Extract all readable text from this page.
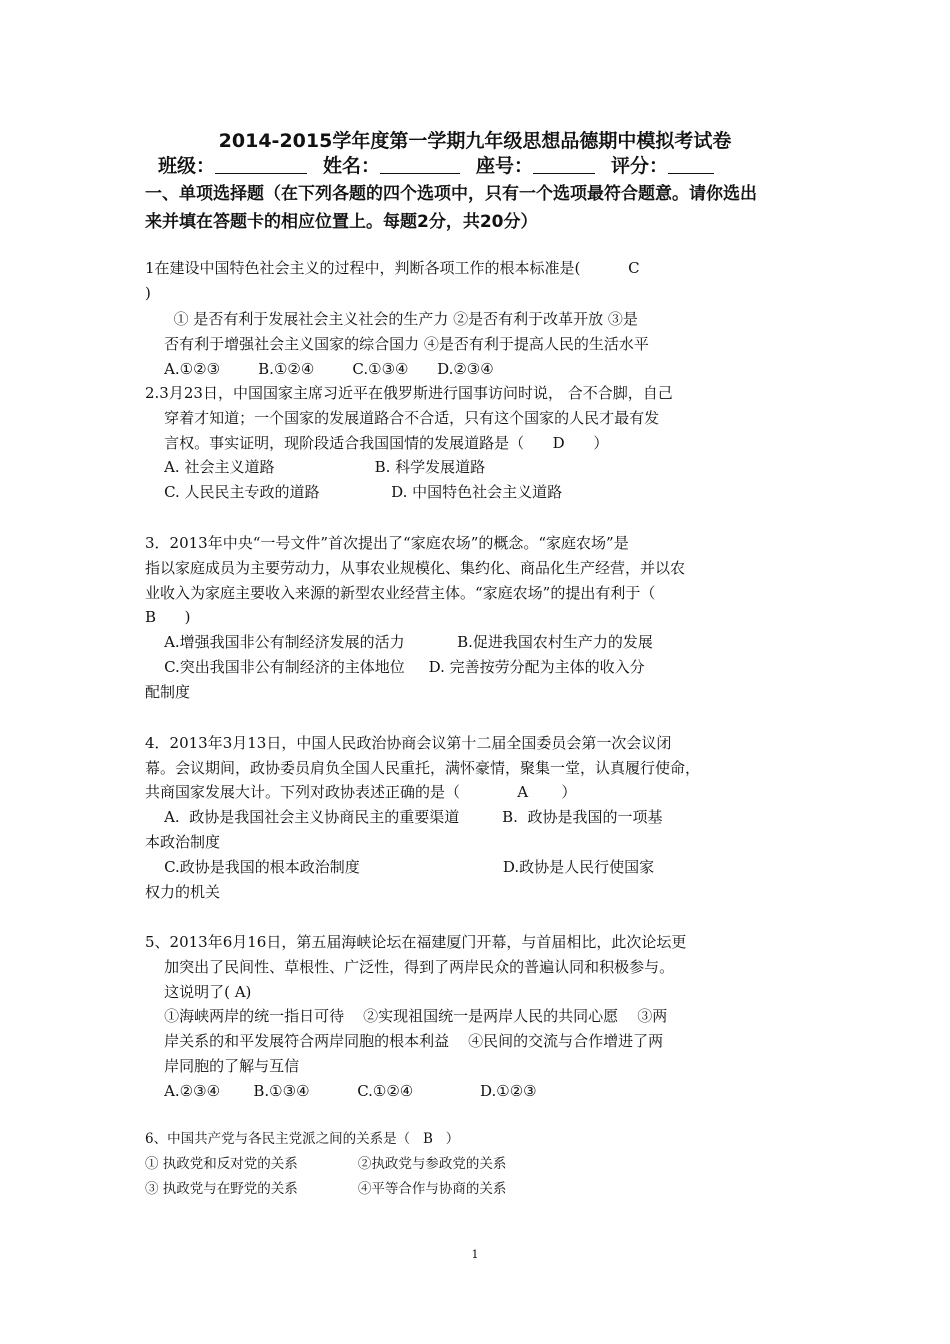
2014-2015学年度第一学期九年级思想品德期中模拟考试卷
班级：	姓名：	座号：	评分：
一、单项选择题（在下列各题的四个选项中，只有一个选项最符合题意。请你选出
来并填在答题卡的相应位置上。每题2分，共20分）
1在建设中国特色社会主义的过程中，判断各项工作的根本标准是(          C
)
① 是否有利于发展社会主义社会的生产力 ②是否有利于改革开放 ③是
否有利于增强社会主义国家的综合国力 ④是否有利于提高人民的生活水平
A.①②③        B.①②④        C.①③④      D.②③④
2.3月23日，中国国家主席习近平在俄罗斯进行国事访问时说， 合不合脚，自己
穿着才知道；一个国家的发展道路合不合适，只有这个国家的人民才最有发
言权。事实证明，现阶段适合我国国情的发展道路是（      D      ）
A. 社会主义道路                     B. 科学发展道路
C. 人民民主专政的道路               D. 中国特色社会主义道路
3．2013年中央“一号文件”首次提出了“家庭农场”的概念。“家庭农场”是
指以家庭成员为主要劳动力，从事农业规模化、集约化、商品化生产经营，并以农
业收入为家庭主要收入来源的新型农业经营主体。“家庭农场”的提出有利于（
B      )
A.增强我国非公有制经济发展的活力           B.促进我国农村生产力的发展
C.突出我国非公有制经济的主体地位     D. 完善按劳分配为主体的收入分
配制度
4．2013年3月13日，中国人民政治协商会议第十二届全国委员会第一次会议闭
幕。会议期间，政协委员肩负全国人民重托，满怀豪情，聚集一堂，认真履行使命，
共商国家发展大计。下列对政协表述正确的是（            A       ）
A.  政协是我国社会主义协商民主的重要渠道         B.  政协是我国的一项基
本政治制度
C.政协是我国的根本政治制度                              D.政协是人民行使国家
权力的机关
5、2013年6月16日，第五届海峡论坛在福建厦门开幕，与首届相比，此次论坛更
加突出了民间性、草根性、广泛性，得到了两岸民众的普遍认同和积极参与。
这说明了( A)
①海峡两岸的统一指日可待    ②实现祖国统一是两岸人民的共同心愿    ③两
岸关系的和平发展符合两岸同胞的根本利益    ④民间的交流与合作增进了两
岸同胞的了解与互信
A.②③④       B.①③④          C.①②④              D.①②③
6、中国共产党与各民主党派之间的关系是（   B   ）
① 执政党和反对党的关系              ②执政党与参政党的关系
③ 执政党与在野党的关系              ④平等合作与协商的关系
1
